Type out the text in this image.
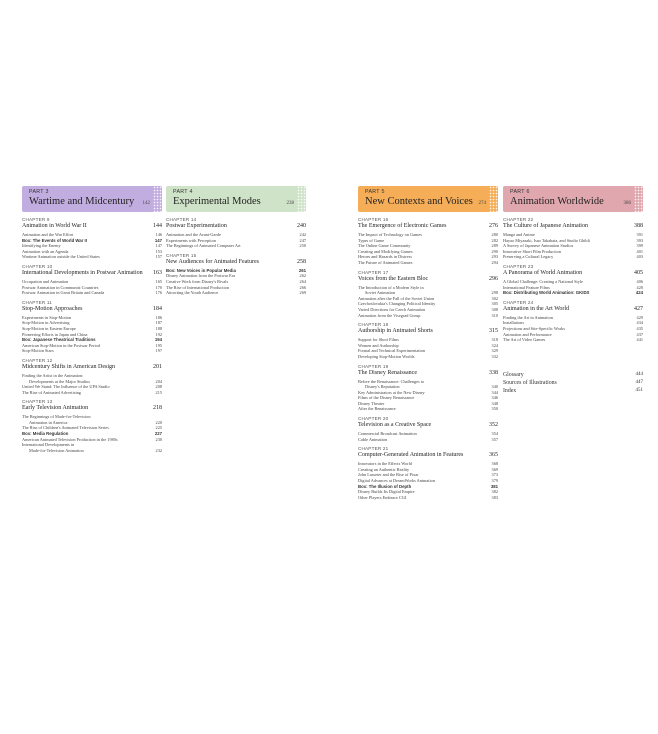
PART 3
Wartime and Midcentury 142
CHAPTER 9
Animation in World War II	144
Animation and the War Effort	146
Box: The Events of World War II	147
Identifying the Enemy	147
Animation with an Agenda	153
Wartime Animation outside the United States	157
CHAPTER 10
International Developments in Postwar Animation	163
Occupation and Animation	165
Postwar Animation in Communist Countries	170
Postwar Animation in Great Britain and Canada	176
CHAPTER 11
Stop-Motion Approaches	184
Experiments in Stop-Motion	186
Stop-Motion in Advertising	187
Stop-Motion in Eastern Europe	188
Pioneering Efforts in Japan and China	192
Box: Japanese Theatrical Traditions	194
American Stop-Motion in the Postwar Period	195
Stop-Motion Stars	197
CHAPTER 12
Midcentury Shifts in American Design	201
Finding the Artist in the Animation:
Developments at the Major Studios	204
United We Stand: The Influence of the UPA Studio	208
The Rise of Animated Advertising	215
CHAPTER 13
Early Television Animation	218
The Beginnings of Made-for-Television
Animation in America	220
The Rise of Children's Animated Television Series	225
Box: Media Regulation	227
American Animated Television Production in the 1980s	230
International Developments in
Made-for-Television Animation	232
PART 4
Experimental Modes	238
CHAPTER 14
Postwar Experimentation	240
Animation and the Avant-Garde	242
Experiments with Perception	247
The Beginnings of Animated Computer Art	250
CHAPTER 15
New Audiences for Animated Features	258
Box: New Voices in Popular Media	261
Disney Animation from the Postwar Era	262
Creative Work from Disney's Rivals	264
The Rise of International Production	266
Attracting the Youth Audience	269
PART 5
New Contexts and Voices 274
CHAPTER 16
The Emergence of Electronic Games	276
The Impact of Technology on Games	280
Types of Game	282
The Online Game Community	289
Creating and Modifying Games	290
Heroes and Hazards in Distress	293
The Future of Animated Games	294
CHAPTER 17
Voices from the Eastern Bloc	296
The Introduction of a Modern Style in
Soviet Animation	298
Animation after the Fall of the Soviet Union	302
Czechoslovakia's Changing Political Identity	305
Varied Directions for Czech Animation	308
Animation from the Visegrad Group	310
CHAPTER 18
Authorship in Animated Shorts	315
Support for Short Films	318
Women and Authorship	324
Formal and Technical Experimentation	329
Developing Stop-Motion Worlds	332
CHAPTER 19
The Disney Renaissance	338
Before the Renaissance: Challenges to
Disney's Reputation	340
Key Administrators at the New Disney	344
Films of the Disney Renaissance	346
Disney Theater	348
After the Renaissance	350
CHAPTER 20
Television as a Creative Space	352
Commercial Broadcast Animation	354
Cable Animation	357
CHAPTER 21
Computer-Generated Animation in Features	365
Innovators in the Effects World	368
Creating an Authentic Reality	369
John Lasseter and the Rise of Pixar	373
Digital Advances at DreamWorks Animation	379
Box: The Illusion of Depth	381
Disney Builds Its Digital Empire	382
Other Players Embrace CGI	383
PART 6
Animation Worldwide	386
CHAPTER 22
The Culture of Japanese Animation	388
Manga and Anime	391
Hayao Miyazaki, Isao Takahata, and Studio Ghibli	393
A Survey of Japanese Animation Studios	399
Innovative Short Film Production	401
Preserving a Cultural Legacy	403
CHAPTER 23
A Panorama of World Animation	405
A Global Challenge: Creating a National Style	406
International Feature Films	420
Box: Distributing World Animation: GKIDS	424
CHAPTER 24
Animation in the Art World	427
Finding the Art in Animation	429
Installations	434
Projections and Site-Specific Works	435
Animation and Performance	437
The Art of Video Games	441
Glossary	444
Sources of Illustrations	447
Index	451
